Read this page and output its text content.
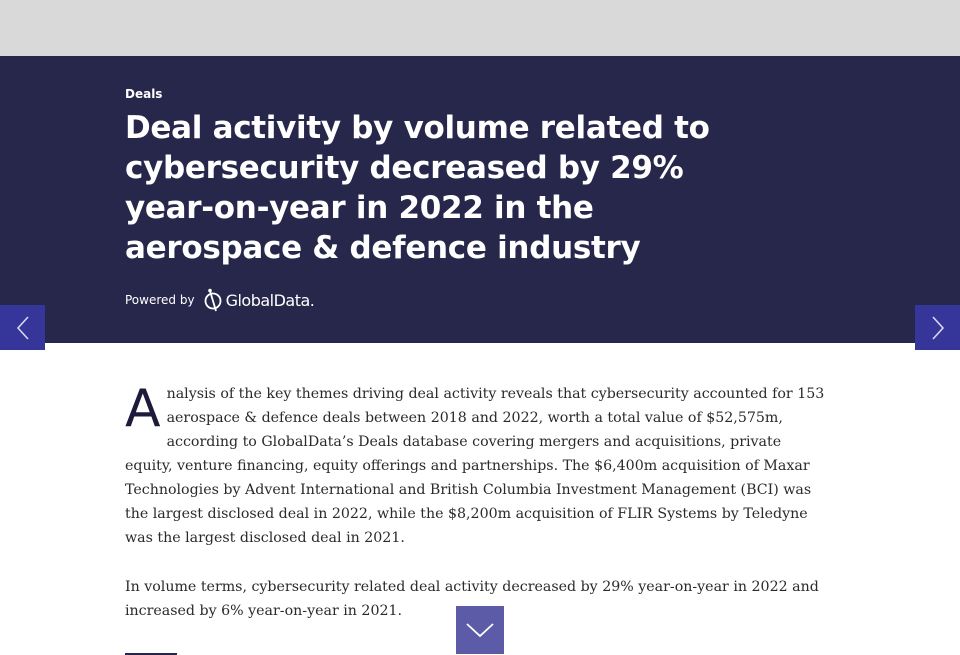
Deals
Deal activity by volume related to cybersecurity decreased by 29% year-on-year in 2022 in the aerospace & defence industry
Powered by GlobalData.

Analysis of the key themes driving deal activity reveals that cybersecurity accounted for 153 aerospace & defence deals between 2018 and 2022, worth a total value of $52,575m, according to GlobalData’s Deals database covering mergers and acquisitions, private equity, venture financing, equity offerings and partnerships. The $6,400m acquisition of Maxar Technologies by Advent International and British Columbia Investment Management (BCI) was the largest disclosed deal in 2022, while the $8,200m acquisition of FLIR Systems by Teledyne was the largest disclosed deal in 2021.

In volume terms, cybersecurity related deal activity decreased by 29% year-on-year in 2022 and increased by 6% year-on-year in 2021.
